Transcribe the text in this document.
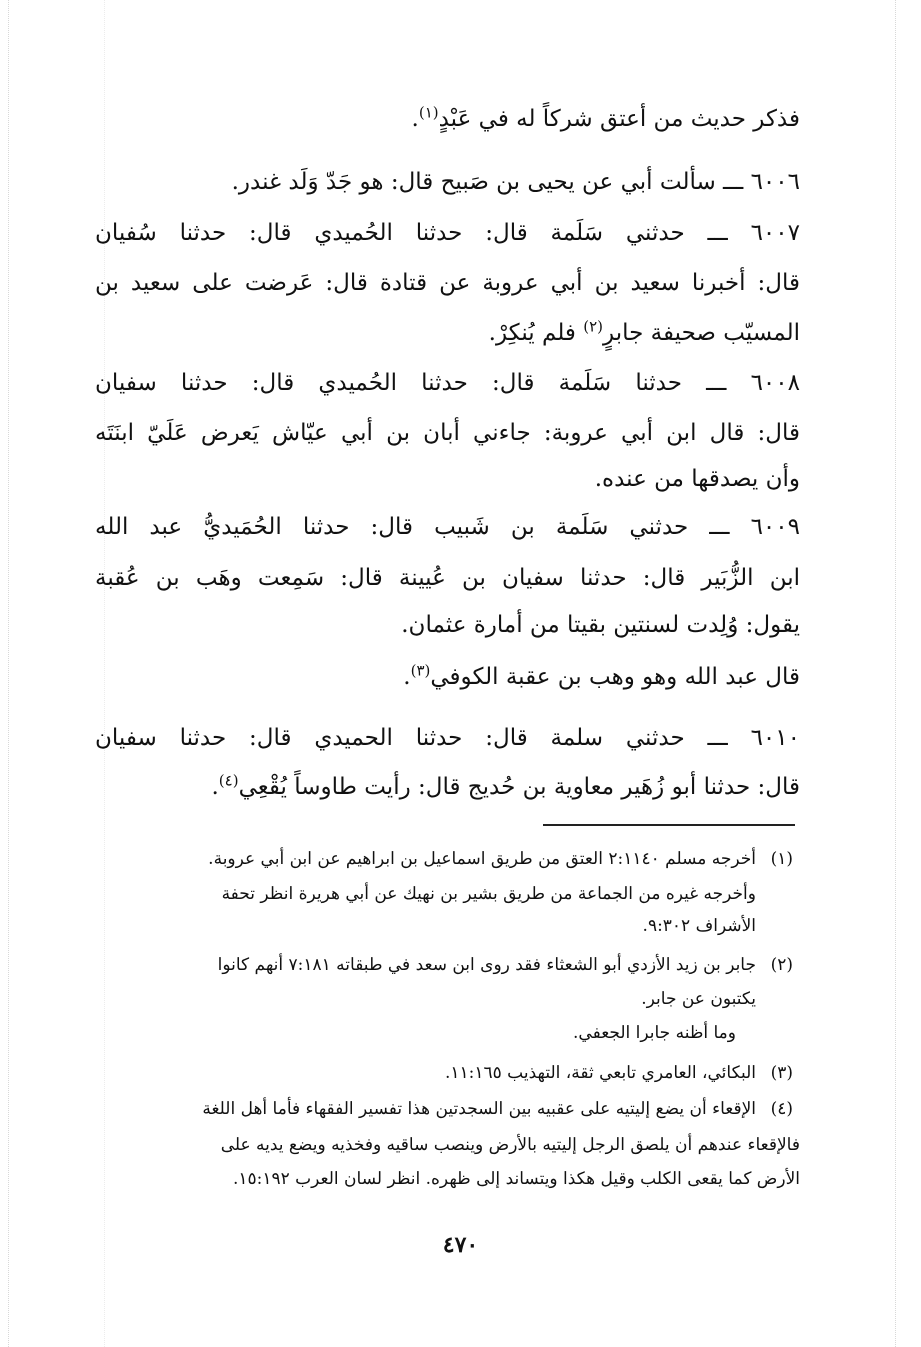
فذكر حديث من أعتق شركاً له في عَبْدٍ$^{(١)}$.
٦٠٠٦ ـــ سألت أبي عن يحيى بن صَبيح قال: هو جَدّ وَلَد غندر.
٦٠٠٧ ـــ حدثني سَلَمة قال: حدثنا الحُميدي قال: حدثنا سُفيان
قال: أخبرنا سعيد بن أبي عروبة عن قتادة قال: عَرضت على سعيد بن
المسيّب صحيفة جابرٍ$^{(٢)}$ فلم يُنكِرْ.
٦٠٠٨ ـــ حدثنا سَلَمة قال: حدثنا الحُميدي قال: حدثنا سفيان
قال: قال ابن أبي عروبة: جاءني أبان بن أبي عيّاش يَعرض عَلَيّ ابنَتَه
وأن يصدقها من عنده.
٦٠٠٩ ـــ حدثني سَلَمة بن شَبيب قال: حدثنا الحُمَيديُّ عبد الله
ابن الزُّبَير قال: حدثنا سفيان بن عُيينة قال: سَمِعت وهَب بن عُقبة
يقول: وُلِدت لسنتين بقيتا من أمارة عثمان.
قال عبد الله وهو وهب بن عقبة الكوفي$^{(٣)}$.
٦٠١٠ ـــ حدثني سلمة قال: حدثنا الحميدي قال: حدثنا سفيان
قال: حدثنا أبو زُهَير معاوية بن حُديج قال: رأيت طاوساً يُقْعِي$^{(٤)}$.
(١)
أخرجه مسلم ٢:١١٤٠ العتق من طريق اسماعيل بن ابراهيم عن ابن أبي عروبة.
وأخرجه غيره من الجماعة من طريق بشير بن نهيك عن أبي هريرة انظر تحفة
الأشراف ٩:٣٠٢.
(٢)
جابر بن زيد الأزدي أبو الشعثاء فقد روى ابن سعد في طبقاته ٧:١٨١ أنهم كانوا
يكتبون عن جابر.
وما أظنه جابرا الجعفي.
(٣)
البكائي، العامري تابعي ثقة، التهذيب ١١:١٦٥.
(٤)
الإقعاء أن يضع إليتيه على عقبيه بين السجدتين هذا تفسير الفقهاء فأما أهل اللغة
فالإقعاء عندهم أن يلصق الرجل إليتيه بالأرض وينصب ساقيه وفخذيه ويضع يديه على
الأرض كما يقعى الكلب وقيل هكذا ويتساند إلى ظهره. انظر لسان العرب ١٥:١٩٢.
٤٧٠
